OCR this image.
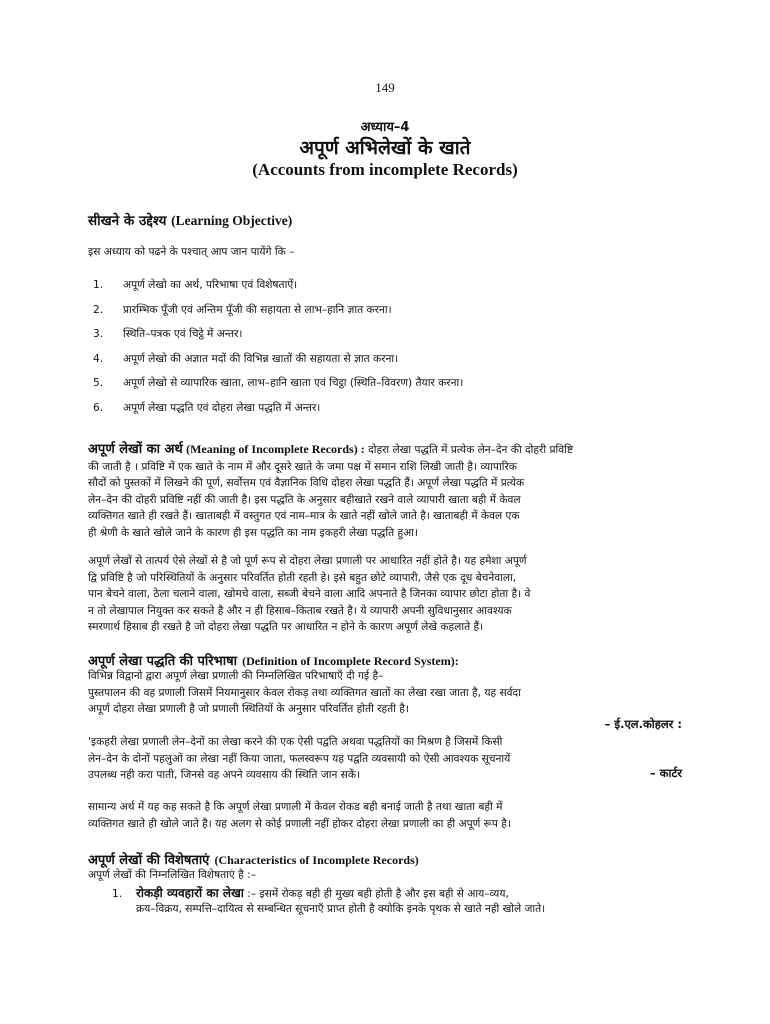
149
अध्याय–4
अपूर्ण अभिलेखों के खाते
(Accounts from incomplete Records)
सीखने के उद्देश्य (Learning Objective)
इस अध्याय को पढने के पश्चात् आप जान पायेंगे कि –
1. अपूर्ण लेखो का अर्थ, परिभाषा एवं विशेषताऐं।
2. प्रारम्भिक पूँजी एवं अन्तिम पूँजी की सहायता से लाभ–हानि ज्ञात करना।
3. स्थिति–पत्रक एवं चिट्ठे में अन्तर।
4. अपूर्ण लेखो की अज्ञात मदों की विभिन्न खातों की सहायता से ज्ञात करना।
5. अपूर्ण लेखो से व्यापारिक खाता, लाभ–हानि खाता एवं चिट्ठा (स्थिति–विवरण) तैयार करना।
6. अपूर्ण लेखा पद्धति एवं दोहरा लेखा पद्धति में अन्तर।
अपूर्ण लेखों का अर्थ (Meaning of Incomplete Records) : दोहरा लेखा पद्धति में प्रत्येक लेन–देन की दोहरी प्रविष्टि
की जाती है । प्रविष्टि में एक खाते के नाम में और दूसरे खाते के जमा पक्ष में समान राशि लिखी जाती है। व्यापारिक
सौदों को पुस्तकों में लिखने की पूर्ण, सर्वोत्तम एवं वैज्ञानिक विधि दोहरा लेखा पद्धति हैं। अपूर्ण लेखा पद्धति में प्रत्येक
लेन–देन की दोहरी प्रविष्टि नहीं की जाती है। इस पद्धति के अनुसार बहीखाते रखने वाले व्यापारी खाता बही में केवल
व्यक्तिगत खाते ही रखते हैं। खाताबही में वस्तुगत एवं नाम–मात्र के खाते नहीं खोले जाते है। खाताबही में केवल एक
ही श्रेणी के खाते खोले जाने के कारण ही इस पद्धति का नाम इकहरी लेखा पद्धति हुआ।
अपूर्ण लेखों से तात्पर्य ऐसे लेखों से है जो पूर्ण रूप से दोहरा लेखा प्रणाली पर आधारित नहीं होते है। यह हमेशा अपूर्ण
द्वि प्रविष्टि है जो परिस्थितियों के अनुसार परिवर्तित होती रहती हे। इसे बहुत छोटे व्यापारी, जैसे एक दूध बेचनेवाला,
पान बेचने वाला, ठेला चलाने वाला, खोमचे वाला, सब्जी बेचने वाला आदि अपनाते है जिनका व्यापार छोटा होता है। वे
न तो लेखापाल नियुक्त कर सकते है और न ही हिसाब–किताब रखते है। ये व्यापारी अपनी सुविधानुसार आवश्यक
स्मरणार्थ हिसाब ही रखते है जो दोहरा लेखा पद्धति पर आधारित न होने के कारण अपूर्ण लेखे कहलाते हैं।
अपूर्ण लेखा पद्धति की परिभाषा (Definition of Incomplete Record System):
विभिन्न विद्वानो द्वारा अपूर्ण लेखा प्रणाली की निम्नलिखित परिभाषाएँ दी गई है–
पुस्तपालन की वह प्रणाली जिसमें नियमानुसार केवल रोकड़ तथा व्यक्तिगत खातों का लेखा रखा जाता है, यह सर्वदा
अपूर्ण दोहरा लेखा प्रणाली है जो प्रणाली स्थितियों के अनुसार परिवर्तित होती रहती है।
– ई.एल.कोहलर :
'इकहरी लेखा प्रणाली लेन–देनों का लेखा करने की एक ऐसी पद्वति अथवा पद्धतियों का मिश्रण है जिसमें किसी
लेन–देन के दोनों पहलुओं का लेखा नहीं किया जाता, फलस्वरूप यह पद्वति व्यवसायी को ऐसी आवश्यक सूचनायें
उपलब्ध नही करा पाती, जिनसे वह अपने व्यवसाय की स्थिति जान सकें।	– कार्टर
सामान्य अर्थ में यह कह सकते है कि अपूर्ण लेखा प्रणाली में केवल रोकड बही बनाई जाती है तथा खाता बही में
व्यक्तिगत खाते ही खोले जाते है। यह अलग से कोई प्रणाली नहीं होकर दोहरा लेखा प्रणाली का ही अपूर्ण रूप है।
अपूर्ण लेखों की विशेषताएं (Characteristics of Incomplete Records)
अपूर्ण लेखों की निम्नलिखित विशेषताएं है :–
1. रोकड़ी व्यवहारों का लेखा :– इसमें रोकड़ बही ही मुख्य बही होती है और इस बही से आय–व्यय,
क्रय–विक्रय, सम्पत्ति–दायित्व से सम्बन्धित सूचनाएँ प्राप्त होती है क्योकि इनके पृथक से खाते नही खोले जाते।
